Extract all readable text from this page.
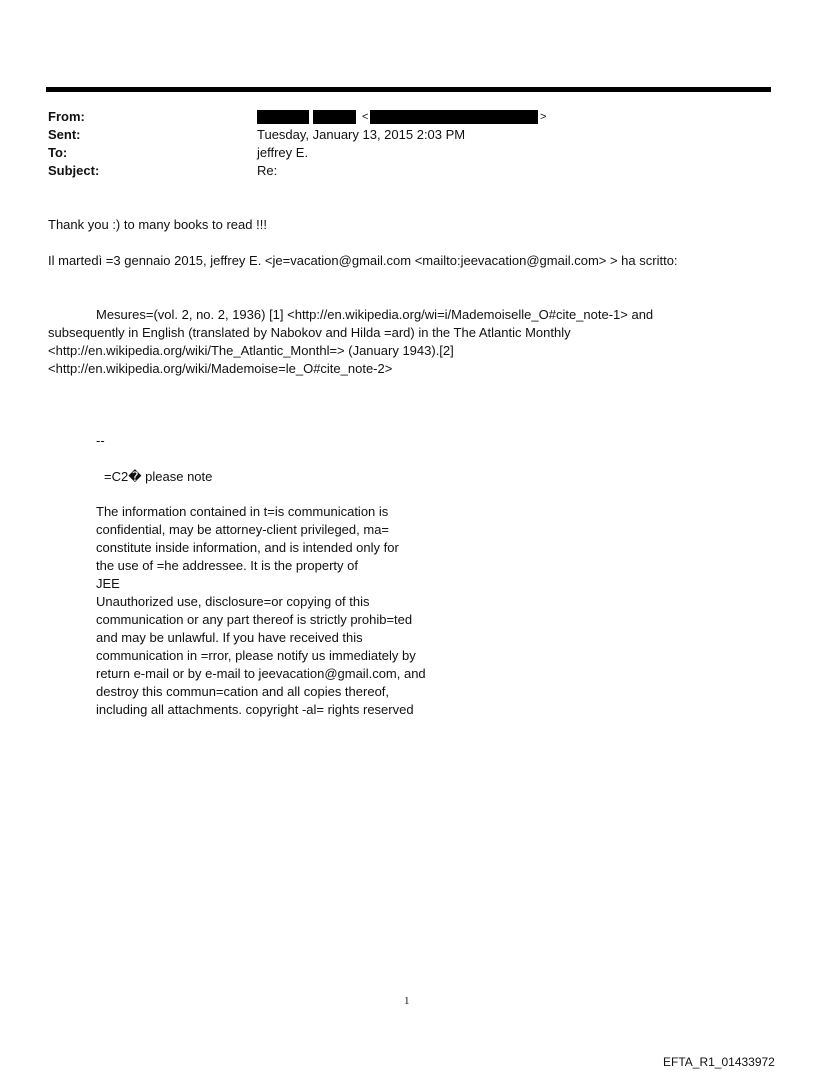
From:
Sent:
To:
Subject:
<	>
Tuesday, January 13, 2015 2:03 PM
jeffrey E.
Re:
Thank you :) to many books to read !!!
Il martedì =3 gennaio 2015, jeffrey E. <je=vacation@gmail.com <mailto:jeevacation@gmail.com> > ha scritto:
Mesures=(vol. 2, no. 2, 1936) [1] <http://en.wikipedia.org/wi=i/Mademoiselle_O#cite_note-1> and
subsequently in English (translated by Nabokov and Hilda =ard) in the The Atlantic Monthly
<http://en.wikipedia.org/wiki/The_Atlantic_Monthl=> (January 1943).[2]
<http://en.wikipedia.org/wiki/Mademoise=le_O#cite_note-2>
--
=C2� please note
The information contained in t=is communication is
confidential, may be attorney-client privileged, ma=
constitute inside information, and is intended only for
the use of =he addressee. It is the property of
JEE
Unauthorized use, disclosure=or copying of this
communication or any part thereof is strictly prohib=ted
and may be unlawful. If you have received this
communication in =rror, please notify us immediately by
return e-mail or by e-mail to jeevacation@gmail.com, and
destroy this commun=cation and all copies thereof,
including all attachments. copyright -al= rights reserved
1
EFTA_R1_01433972
